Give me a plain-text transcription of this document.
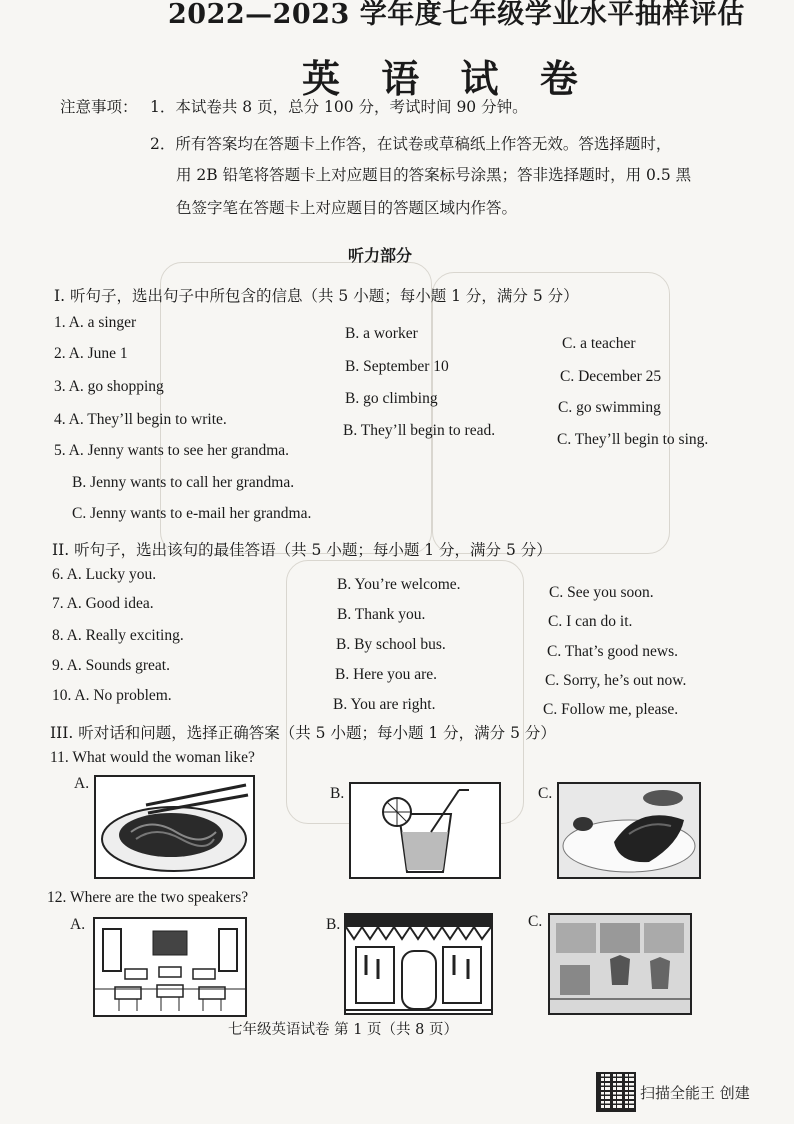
2022—2023 学年度七年级学业水平抽样评估
英 语 试 卷
注意事项： 1．本试卷共 8 页，总分 100 分，考试时间 90 分钟。
2．所有答案均在答题卡上作答，在试卷或草稿纸上作答无效。答选择题时，
用 2B 铅笔将答题卡上对应题目的答案标号涂黑；答非选择题时，用 0.5 黑
色签字笔在答题卡上对应题目的答题区域内作答。
听力部分
I. 听句子，选出句子中所包含的信息（共 5 小题；每小题 1 分，满分 5 分）
1. A. a singer
B. a worker
C. a teacher
2. A. June 1
B. September 10
C. December 25
3. A. go shopping
B. go climbing
C. go swimming
4. A. They’ll begin to write.
B. They’ll begin to read.
C. They’ll begin to sing.
5. A. Jenny wants to see her grandma.
B. Jenny wants to call her grandma.
C. Jenny wants to e-mail her grandma.
II. 听句子，选出该句的最佳答语（共 5 小题；每小题 1 分，满分 5 分）
6. A. Lucky you.
B. You’re welcome.	C. See you soon.
7. A. Good idea.
B. Thank you.	C. I can do it.
8. A. Really exciting.
B. By school bus.	C. That’s good news.
9. A. Sounds great.
B. Here you are.	C. Sorry, he’s out now.
10. A. No problem.
B. You are right.	C. Follow me, please.
III. 听对话和问题，选择正确答案（共 5 小题；每小题 1 分，满分 5 分）
11. What would the woman like?
A.
B.	C.
12. Where are the two speakers?
A.	B.	C.
七年级英语试卷 第 1 页（共 8 页）
扫描全能王 创建
